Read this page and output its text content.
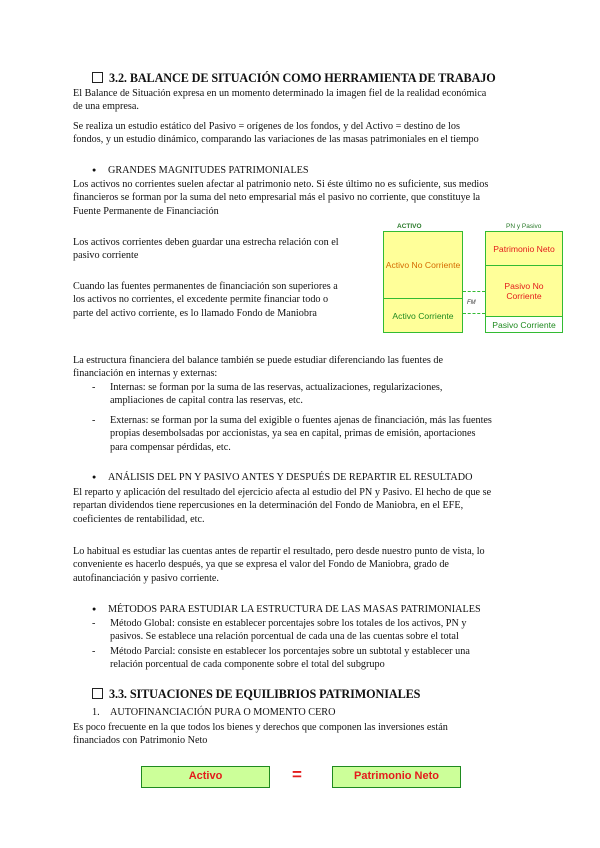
3.2. BALANCE DE SITUACIÓN COMO HERRAMIENTA DE TRABAJO
El Balance de Situación expresa en un momento determinado la imagen fiel de la realidad económica
de una empresa.
Se realiza un estudio estático del Pasivo = orígenes de los fondos, y del Activo = destino de los
fondos, y un estudio dinámico, comparando las variaciones de las masas patrimoniales en el tiempo
GRANDES MAGNITUDES PATRIMONIALES
Los activos no corrientes suelen afectar al patrimonio neto. Si éste último no es suficiente, sus medios
financieros se forman por la suma del neto empresarial más el pasivo no corriente, que constituye la
Fuente Permanente de Financiación
Los activos corrientes deben guardar una estrecha relación con el
pasivo corriente
Cuando las fuentes permanentes de financiación son superiores a
los activos no corrientes, el excedente permite financiar todo o
parte del activo corriente, es lo llamado Fondo de Maniobra
ACTIVO	PN y Pasivo
Activo No Corriente
Activo Corriente
FM
Patrimonio Neto
Pasivo No Corriente
Pasivo Corriente
La estructura financiera del balance también se puede estudiar diferenciando las fuentes de
financiación en internas y externas:
- Internas: se forman por la suma de las reservas, actualizaciones, regularizaciones,
ampliaciones de capital contra las reservas, etc.
- Externas: se forman por la suma del exigible o fuentes ajenas de financiación, más las fuentes
propias desembolsadas por accionistas, ya sea en capital, primas de emisión, aportaciones
para compensar pérdidas, etc.
ANÁLISIS DEL PN Y PASIVO ANTES Y DESPUÉS DE REPARTIR EL RESULTADO
El reparto y aplicación del resultado del ejercicio afecta al estudio del PN y Pasivo. El hecho de que se
repartan dividendos tiene repercusiones en la determinación del Fondo de Maniobra, en el EFE,
coeficientes de rentabilidad, etc.
Lo habitual es estudiar las cuentas antes de repartir el resultado, pero desde nuestro punto de vista, lo
conveniente es hacerlo después, ya que se expresa el valor del Fondo de Maniobra, grado de
autofinanciación y pasivo corriente.
MÉTODOS PARA ESTUDIAR LA ESTRUCTURA DE LAS MASAS PATRIMONIALES
- Método Global: consiste en establecer porcentajes sobre los totales de los activos, PN y
pasivos. Se establece una relación porcentual de cada una de las cuentas sobre el total
- Método Parcial: consiste en establecer los porcentajes sobre un subtotal y establecer una
relación porcentual de cada componente sobre el total del subgrupo
3.3. SITUACIONES DE EQUILIBRIOS PATRIMONIALES
1. AUTOFINANCIACIÓN PURA O MOMENTO CERO
Es poco frecuente en la que todos los bienes y derechos que componen las inversiones están
financiados con Patrimonio Neto
Activo	=	Patrimonio Neto
